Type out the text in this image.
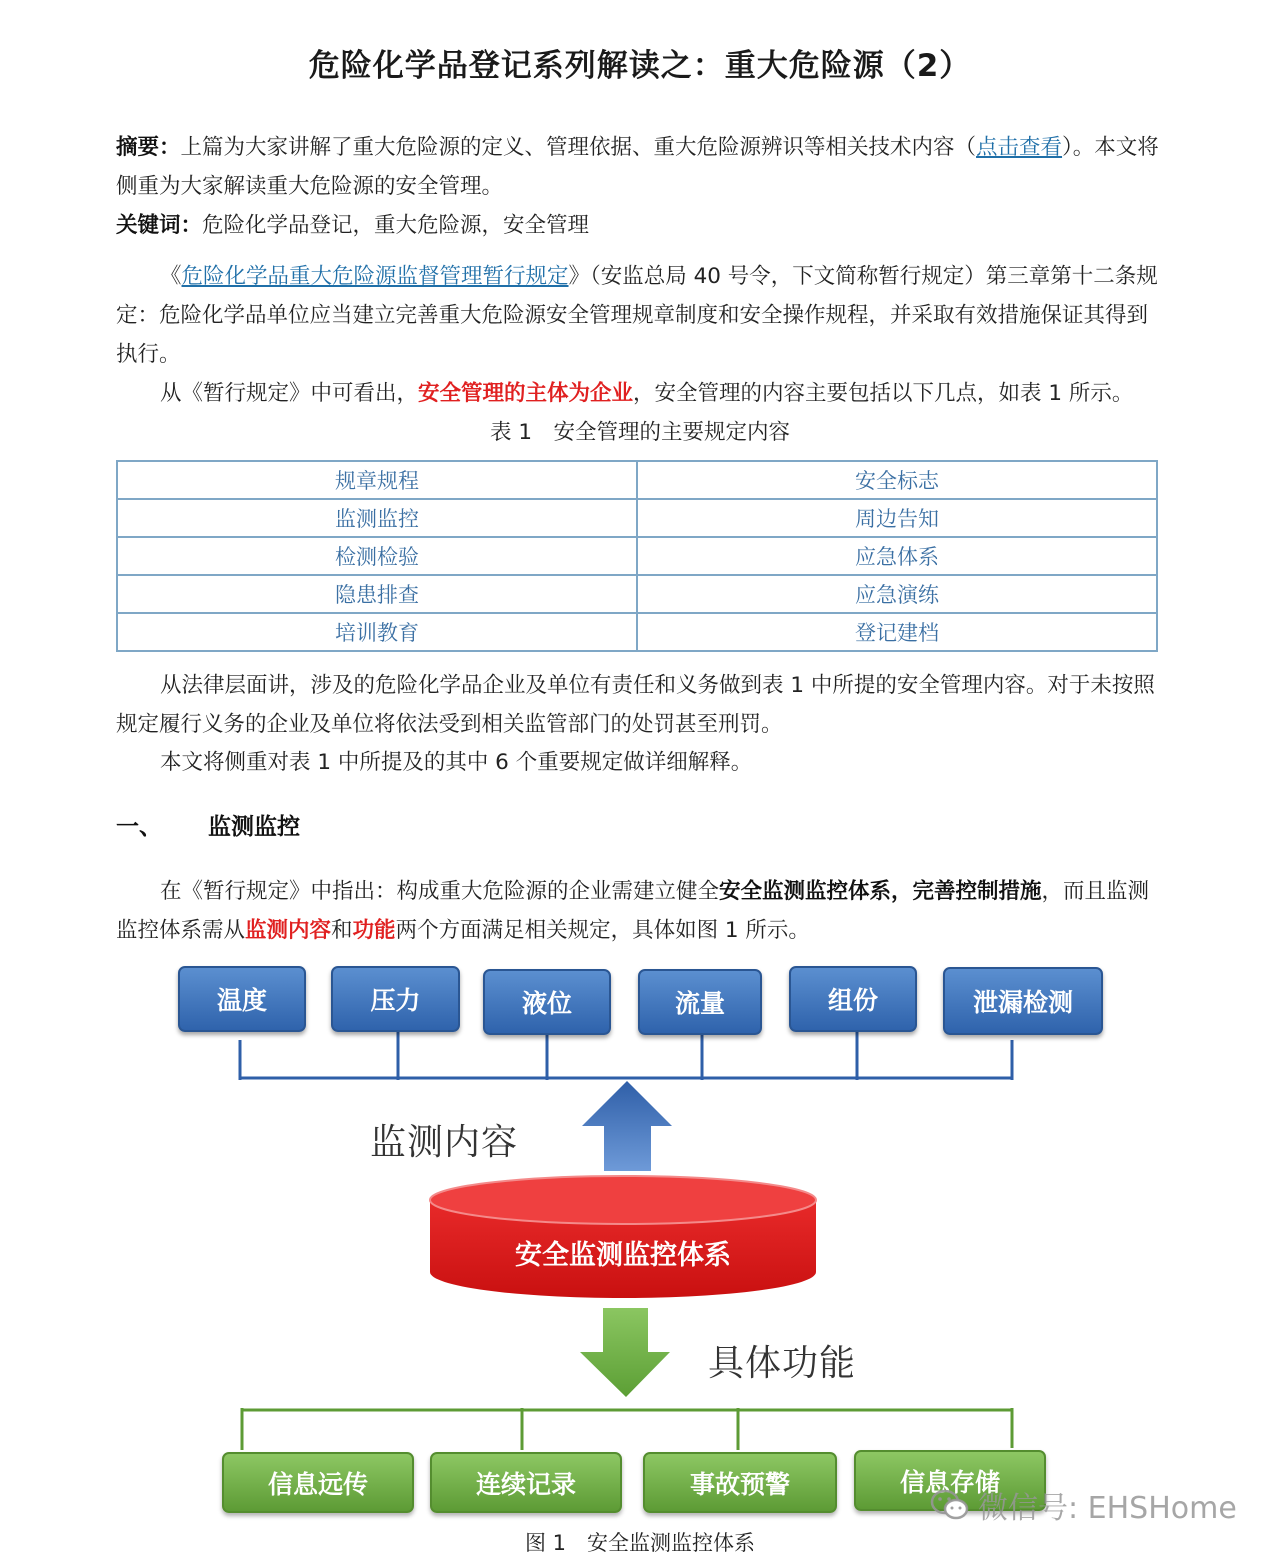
危险化学品登记系列解读之：重大危险源（2）
摘要：上篇为大家讲解了重大危险源的定义、管理依据、重大危险源辨识等相关技术内容（点击查看）。本文将侧重为大家解读重大危险源的安全管理。
关键词：危险化学品登记，重大危险源，安全管理
《危险化学品重大危险源监督管理暂行规定》（安监总局 40 号令，下文简称暂行规定）第三章第十二条规定：危险化学品单位应当建立完善重大危险源安全管理规章制度和安全操作规程，并采取有效措施保证其得到执行。
从《暂行规定》中可看出，安全管理的主体为企业，安全管理的内容主要包括以下几点，如表 1 所示。
表 1　安全管理的主要规定内容
规章规程	安全标志
监测监控	周边告知
检测检验	应急体系
隐患排查	应急演练
培训教育	登记建档
从法律层面讲，涉及的危险化学品企业及单位有责任和义务做到表 1 中所提的安全管理内容。对于未按照规定履行义务的企业及单位将依法受到相关监管部门的处罚甚至刑罚。
本文将侧重对表 1 中所提及的其中 6 个重要规定做详细解释。
一、 监测监控
在《暂行规定》中指出：构成重大危险源的企业需建立健全安全监测监控体系，完善控制措施，而且监测监控体系需从监测内容和功能两个方面满足相关规定，具体如图 1 所示。
温度	压力	液位	流量	组份	泄漏检测
监测内容
安全监测监控体系
具体功能
信息远传	连续记录	事故预警	信息存储
图 1　安全监测监控体系
微信号: EHSHome
